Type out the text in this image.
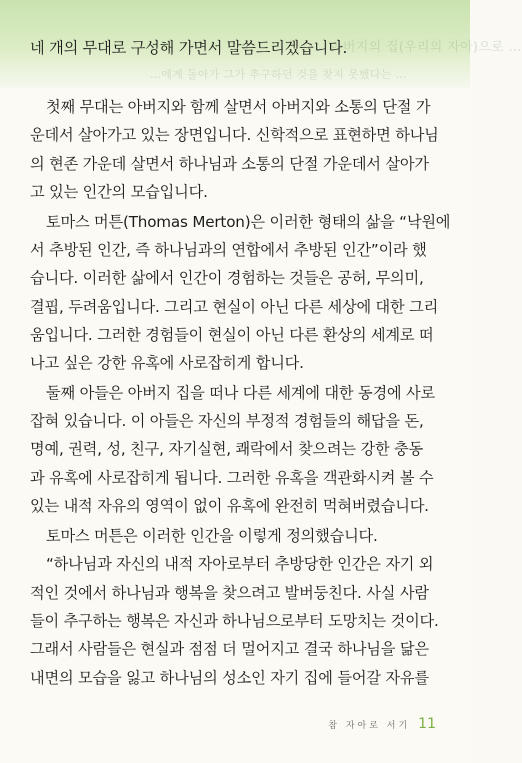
아버지의 집(우리의 자아)으로 …
…에게 돌아가 그가 추구하던 것을 찾지 못했다는 …
네 개의 무대로 구성해 가면서 말씀드리겠습니다.
첫째 무대는 아버지와 함께 살면서 아버지와 소통의 단절 가
운데서 살아가고 있는 장면입니다. 신학적으로 표현하면 하나님
의 현존 가운데 살면서 하나님과 소통의 단절 가운데서 살아가
고 있는 인간의 모습입니다.
토마스 머튼(Thomas Merton)은 이러한 형태의 삶을 “낙원에
서 추방된 인간, 즉 하나님과의 연합에서 추방된 인간”이라 했
습니다. 이러한 삶에서 인간이 경험하는 것들은 공허, 무의미,
결핍, 두려움입니다. 그리고 현실이 아닌 다른 세상에 대한 그리
움입니다. 그러한 경험들이 현실이 아닌 다른 환상의 세계로 떠
나고 싶은 강한 유혹에 사로잡히게 합니다.
둘째 아들은 아버지 집을 떠나 다른 세계에 대한 동경에 사로
잡혀 있습니다. 이 아들은 자신의 부정적 경험들의 해답을 돈,
명예, 권력, 성, 친구, 자기실현, 쾌락에서 찾으려는 강한 충동
과 유혹에 사로잡히게 됩니다. 그러한 유혹을 객관화시켜 볼 수
있는 내적 자유의 영역이 없이 유혹에 완전히 먹혀버렸습니다.
토마스 머튼은 이러한 인간을 이렇게 정의했습니다.
“하나님과 자신의 내적 자아로부터 추방당한 인간은 자기 외
적인 것에서 하나님과 행복을 찾으려고 발버둥친다. 사실 사람
들이 추구하는 행복은 자신과 하나님으로부터 도망치는 것이다.
그래서 사람들은 현실과 점점 더 멀어지고 결국 하나님을 닮은
내면의 모습을 잃고 하나님의 성소인 자기 집에 들어갈 자유를
참 자아로 서기 11
